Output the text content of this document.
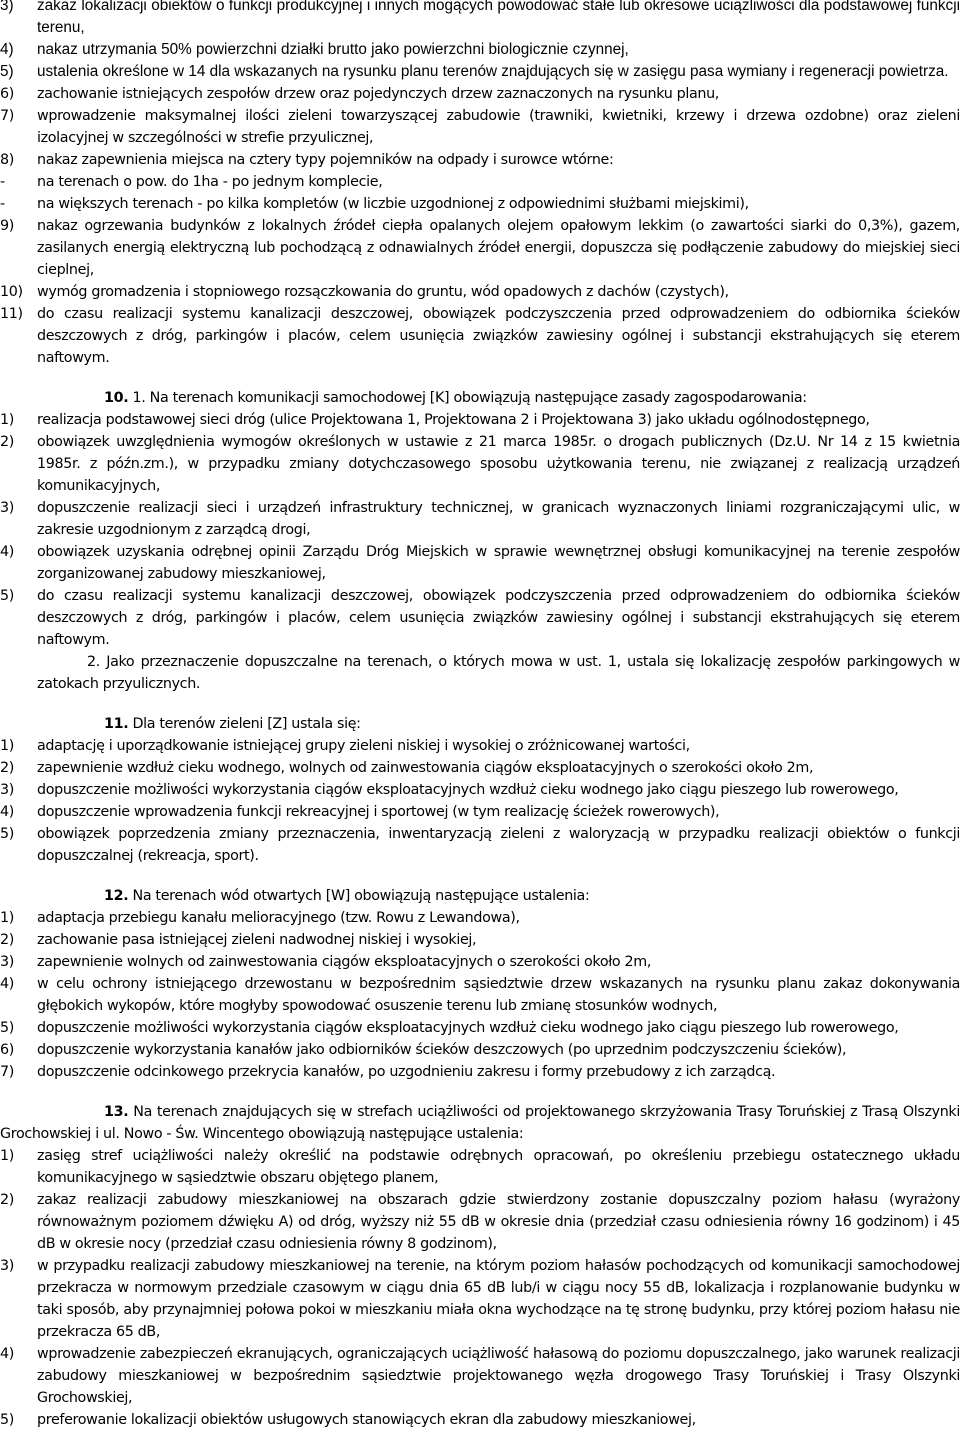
3)	zakaz lokalizacji obiektów o funkcji produkcyjnej i innych mogących powodować stałe lub okresowe uciążliwości dla podstawowej funkcji terenu,
4)	nakaz utrzymania 50% powierzchni działki brutto jako powierzchni biologicznie czynnej,
5)	ustalenia określone w 14 dla wskazanych na rysunku planu terenów znajdujących się w zasięgu pasa wymiany i regeneracji powietrza.
6)	zachowanie istniejących zespołów drzew oraz pojedynczych drzew zaznaczonych na rysunku planu,
7)	wprowadzenie maksymalnej ilości zieleni towarzyszącej zabudowie (trawniki, kwietniki, krzewy i drzewa ozdobne) oraz zieleni izolacyjnej w szczególności w strefie przyulicznej,
8)	nakaz zapewnienia miejsca na cztery typy pojemników na odpady i surowce wtórne:
-	na terenach o pow. do 1ha - po jednym komplecie,
-	na większych terenach - po kilka kompletów (w liczbie uzgodnionej z odpowiednimi służbami miejskimi),
9)	nakaz ogrzewania budynków z lokalnych źródeł ciepła opalanych olejem opałowym lekkim (o zawartości siarki do 0,3%), gazem, zasilanych energią elektryczną lub pochodzącą z odnawialnych źródeł energii, dopuszcza się podłączenie zabudowy do miejskiej sieci cieplnej,
10) wymóg gromadzenia i stopniowego rozsączkowania do gruntu, wód opadowych z dachów (czystych),
11) do czasu realizacji systemu kanalizacji deszczowej, obowiązek podczyszczenia przed odprowadzeniem do odbiornika ścieków deszczowych z dróg, parkingów i placów, celem usunięcia związków zawiesiny ogólnej i substancji ekstrahujących się eterem naftowym.
10. 1. Na terenach komunikacji samochodowej [K] obowiązują następujące zasady zagospodarowania:
1)	realizacja podstawowej sieci dróg (ulice Projektowana 1, Projektowana 2 i Projektowana 3) jako układu ogólnodostępnego,
2)	obowiązek uwzględnienia wymogów określonych w ustawie z 21 marca 1985r. o drogach publicznych (Dz.U. Nr 14 z 15 kwietnia 1985r. z późn.zm.), w przypadku zmiany dotychczasowego sposobu użytkowania terenu, nie związanej z realizacją urządzeń komunikacyjnych,
3)	dopuszczenie realizacji sieci i urządzeń infrastruktury technicznej, w granicach wyznaczonych liniami rozgraniczającymi ulic, w zakresie uzgodnionym z zarządcą drogi,
4)	obowiązek uzyskania odrębnej opinii Zarządu Dróg Miejskich w sprawie wewnętrznej obsługi komunikacyjnej na terenie zespołów zorganizowanej zabudowy mieszkaniowej,
5)	do czasu realizacji systemu kanalizacji deszczowej, obowiązek podczyszczenia przed odprowadzeniem do odbiornika ścieków deszczowych z dróg, parkingów i placów, celem usunięcia związków zawiesiny ogólnej i substancji ekstrahujących się eterem naftowym.
2. Jako przeznaczenie dopuszczalne na terenach, o których mowa w ust. 1, ustala się lokalizację zespołów parkingowych w zatokach przyulicznych.
11. Dla terenów zieleni [Z] ustala się:
1)	adaptację i uporządkowanie istniejącej grupy zieleni niskiej i wysokiej o zróżnicowanej wartości,
2)	zapewnienie wzdłuż cieku wodnego, wolnych od zainwestowania ciągów eksploatacyjnych o szerokości około 2m,
3)	dopuszczenie możliwości wykorzystania ciągów eksploatacyjnych wzdłuż cieku wodnego jako ciągu pieszego lub rowerowego,
4)	dopuszczenie wprowadzenia funkcji rekreacyjnej i sportowej (w tym realizację ścieżek rowerowych),
5)	obowiązek poprzedzenia zmiany przeznaczenia, inwentaryzacją zieleni z waloryzacją w przypadku realizacji obiektów o funkcji dopuszczalnej (rekreacja, sport).
12. Na terenach wód otwartych [W] obowiązują następujące ustalenia:
1)	adaptacja przebiegu kanału melioracyjnego (tzw. Rowu z Lewandowa),
2)	zachowanie pasa istniejącej zieleni nadwodnej niskiej i wysokiej,
3)	zapewnienie wolnych od zainwestowania ciągów eksploatacyjnych o szerokości około 2m,
4)	w celu ochrony istniejącego drzewostanu w bezpośrednim sąsiedztwie drzew wskazanych na rysunku planu zakaz dokonywania głębokich wykopów, które mogłyby spowodować osuszenie terenu lub zmianę stosunków wodnych,
5)	dopuszczenie możliwości wykorzystania ciągów eksploatacyjnych wzdłuż cieku wodnego jako ciągu pieszego lub rowerowego,
6)	dopuszczenie wykorzystania kanałów jako odbiorników ścieków deszczowych (po uprzednim podczyszczeniu ścieków),
7)	dopuszczenie odcinkowego przekrycia kanałów, po uzgodnieniu zakresu i formy przebudowy z ich zarządcą.
13. Na terenach znajdujących się w strefach uciążliwości od projektowanego skrzyżowania Trasy Toruńskiej z Trasą Olszynki Grochowskiej i ul. Nowo - Św. Wincentego obowiązują następujące ustalenia:
1)	zasięg stref uciążliwości należy określić na podstawie odrębnych opracowań, po określeniu przebiegu ostatecznego układu komunikacyjnego w sąsiedztwie obszaru objętego planem,
2)	zakaz realizacji zabudowy mieszkaniowej na obszarach gdzie stwierdzony zostanie dopuszczalny poziom hałasu (wyrażony równoważnym poziomem dźwięku A) od dróg, wyższy niż 55 dB w okresie dnia (przedział czasu odniesienia równy 16 godzinom) i 45 dB w okresie nocy (przedział czasu odniesienia równy 8 godzinom),
3)	w przypadku realizacji zabudowy mieszkaniowej na terenie, na którym poziom hałasów pochodzących od komunikacji samochodowej przekracza w normowym przedziale czasowym w ciągu dnia 65 dB lub/i w ciągu nocy 55 dB, lokalizacja i rozplanowanie budynku w taki sposób, aby przynajmniej połowa pokoi w mieszkaniu miała okna wychodzące na tę stronę budynku, przy której poziom hałasu nie przekracza 65 dB,
4)	wprowadzenie zabezpieczeń ekranujących, ograniczających uciążliwość hałasową do poziomu dopuszczalnego, jako warunek realizacji zabudowy mieszkaniowej w bezpośrednim sąsiedztwie projektowanego węzła drogowego Trasy Toruńskiej i Trasy Olszynki Grochowskiej,
5)	preferowanie lokalizacji obiektów usługowych stanowiących ekran dla zabudowy mieszkaniowej,
